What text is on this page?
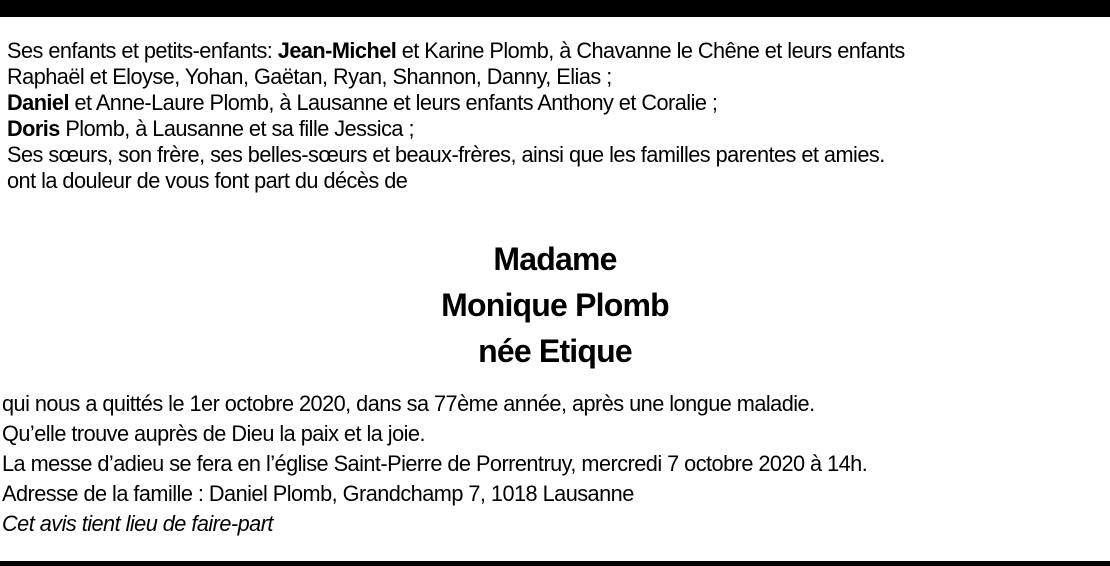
Ses enfants et petits-enfants: Jean-Michel et Karine Plomb, à Chavanne le Chêne et leurs enfants
Raphaël et Eloyse, Yohan, Gaëtan, Ryan, Shannon, Danny, Elias ;
Daniel et Anne-Laure Plomb, à Lausanne et leurs enfants Anthony et Coralie ;
Doris Plomb, à Lausanne et sa fille Jessica ;
Ses sœurs, son frère, ses belles-sœurs et beaux-frères, ainsi que les familles parentes et amies.
ont la douleur de vous font part du décès de
Madame
Monique Plomb
née Etique
qui nous a quittés le 1er octobre 2020, dans sa 77ème année, après une longue maladie.
Qu’elle trouve auprès de Dieu la paix et la joie.
La messe d’adieu se fera en l’église Saint-Pierre de Porrentruy, mercredi 7 octobre 2020 à 14h.
Adresse de la famille : Daniel Plomb, Grandchamp 7, 1018 Lausanne
Cet avis tient lieu de faire-part
